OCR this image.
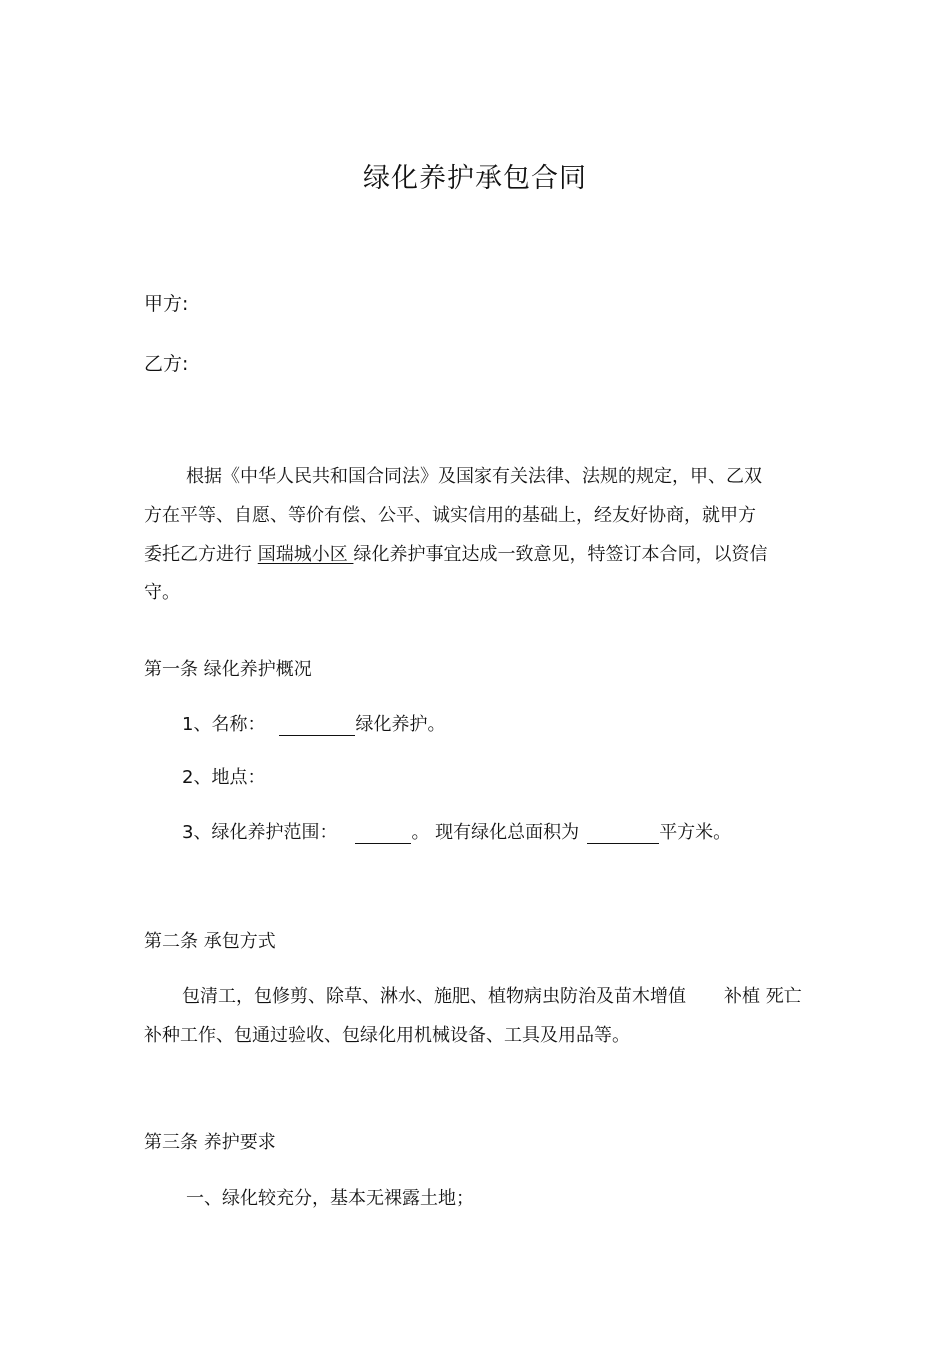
绿化养护承包合同
甲方:
乙方:
根据《中华人民共和国合同法》及国家有关法律、法规的规定，甲、乙双
方在平等、自愿、等价有偿、公平、诚实信用的基础上，经友好协商，就甲方
委托乙方进行 国瑞城小区 绿化养护事宜达成一致意见，特签订本合同，以资信
守。
第一条 绿化养护概况
1、名称：	绿化养护。
2、地点：
3、绿化养护范围：	。 现有绿化总面积为	平方米。
第二条 承包方式
包清工，包修剪、除草、淋水、施肥、植物病虫防治及苗木增值 补植 死亡
补种工作、包通过验收、包绿化用机械设备、工具及用品等。
第三条 养护要求
一、绿化较充分，基本无裸露土地；
